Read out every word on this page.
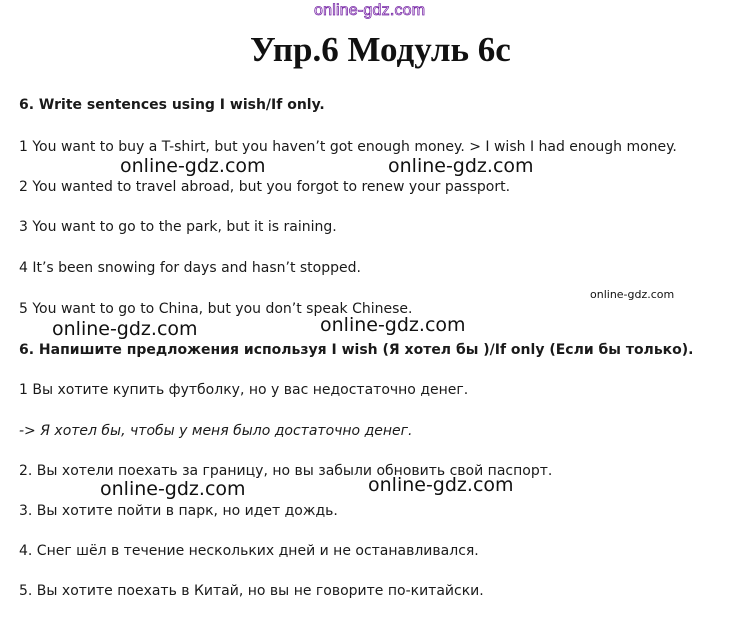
online-gdz.com
Упр.6 Модуль 6с
6. Write sentences using I wish/If only.
1 You want to buy a T-shirt, but you haven’t got enough money. > I wish I had enough money.
2 You wanted to travel abroad, but you forgot to renew your passport.
3 You want to go to the park, but it is raining.
4 It’s been snowing for days and hasn’t stopped.
5 You want to go to China, but you don’t speak Chinese.
6. Напишите предложения используя I wish (Я хотел бы )/If only (Если бы только).
1 Вы хотите купить футболку, но у вас недостаточно денег.
-> Я хотел бы, чтобы у меня было достаточно денег.
2. Вы хотели поехать за границу, но вы забыли обновить свой паспорт.
3. Вы хотите пойти в парк, но идет дождь.
4. Снег шёл в течение нескольких дней и не останавливался.
5. Вы хотите поехать в Китай, но вы не говорите по-китайски.
online-gdz.com	online-gdz.com
online-gdz.com
online-gdz.com	online-gdz.com
online-gdz.com	online-gdz.com
